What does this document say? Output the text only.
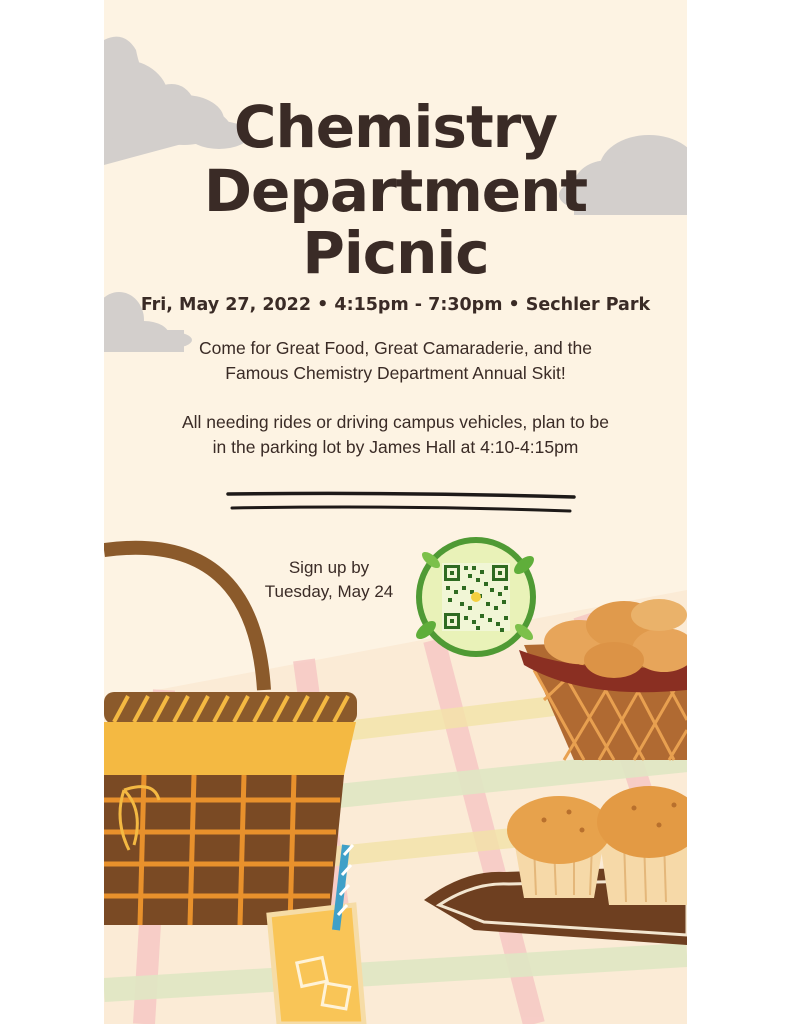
Chemistry
Department
Picnic
Fri, May 27, 2022 • 4:15pm - 7:30pm • Sechler Park
Come for Great Food, Great Camaraderie, and the
Famous Chemistry Department Annual Skit!
All needing rides or driving campus vehicles, plan to be
in the parking lot by James Hall at 4:10-4:15pm
Sign up by
Tuesday, May 24
